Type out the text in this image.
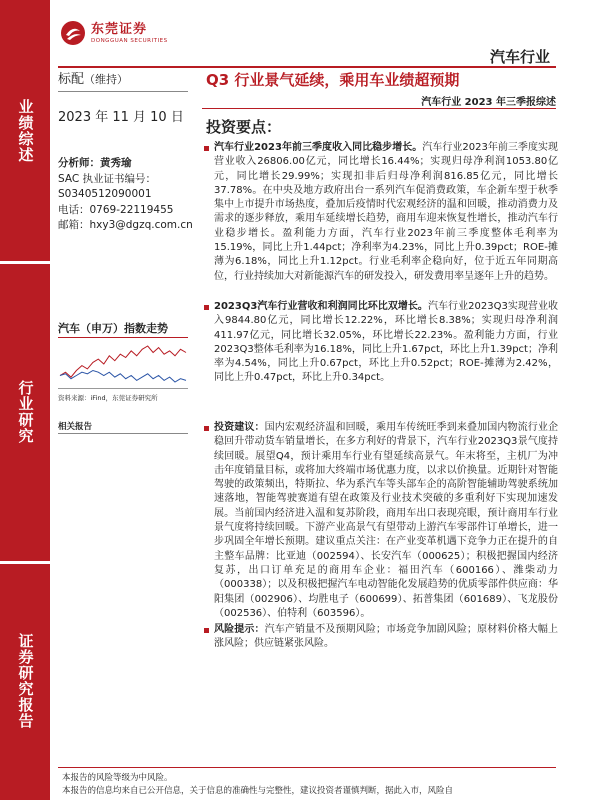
业绩综述
行业研究
证券研究报告
东莞证券
DONGGUAN SECURITIES
汽车行业
标配（维持）
2023 年 11 月 10 日
分析师：黄秀瑜
SAC 执业证书编号：
S0340512090001
电话：0769-22119455
邮箱：hxy3@dgzq.com.cn
汽车（申万）指数走势
资料来源：iFind，东莞证券研究所
相关报告
Q3 行业景气延续，乘用车业绩超预期
汽车行业 2023 年三季报综述
投资要点：
汽车行业2023年前三季度收入同比稳步增长。汽车行业2023年前三季度实现营业收入26806.00亿元，同比增长16.44%；实现归母净利润1053.80亿元，同比增长29.99%；实现扣非后归母净利润816.85亿元，同比增长37.78%。在中央及地方政府出台一系列汽车促消费政策，车企新车型于秋季集中上市提升市场热度，叠加后疫情时代宏观经济的温和回暖，推动消费力及需求的逐步释放，乘用车延续增长趋势，商用车迎来恢复性增长，推动汽车行业稳步增长。盈利能力方面，汽车行业2023年前三季度整体毛利率为15.19%，同比上升1.44pct；净利率为4.23%，同比上升0.39pct；ROE-摊薄为6.18%，同比上升1.12pct。行业毛利率企稳向好，位于近五年同期高位，行业持续加大对新能源汽车的研发投入，研发费用率呈逐年上升的趋势。
2023Q3汽车行业营收和利润同比环比双增长。汽车行业2023Q3实现营业收入9844.80亿元，同比增长12.22%，环比增长8.38%；实现归母净利润411.97亿元，同比增长32.05%，环比增长22.23%。盈利能力方面，行业2023Q3整体毛利率为16.18%，同比上升1.67pct，环比上升1.39pct；净利率为4.54%，同比上升0.67pct，环比上升0.52pct；ROE-摊薄为2.42%，同比上升0.47pct，环比上升0.34pct。
投资建议：国内宏观经济温和回暖，乘用车传统旺季到来叠加国内物流行业企稳回升带动货车销量增长，在多方利好的背景下，汽车行业2023Q3景气度持续回暖。展望Q4，预计乘用车行业有望延续高景气。年末将至，主机厂为冲击年度销量目标，或将加大终端市场优惠力度，以求以价换量。近期针对智能驾驶的政策频出，特斯拉、华为系汽车等头部车企的高阶智能辅助驾驶系统加速落地，智能驾驶赛道有望在政策及行业技术突破的多重利好下实现加速发展。当前国内经济进入温和复苏阶段，商用车出口表现亮眼，预计商用车行业景气度将持续回暖。下游产业高景气有望带动上游汽车零部件订单增长，进一步巩固全年增长预期。建议重点关注：在产业变革机遇下竞争力正在提升的自主整车品牌：比亚迪（002594）、长安汽车（000625）；积极把握国内经济复苏，出口订单充足的商用车企业：福田汽车（600166）、潍柴动力（000338）；以及积极把握汽车电动智能化发展趋势的优质零部件供应商：华阳集团（002906）、均胜电子（600699）、拓普集团（601689）、飞龙股份（002536）、伯特利（603596）。
风险提示：汽车产销量不及预期风险；市场竞争加剧风险；原材料价格大幅上涨风险；供应链紧张风险。
本报告的风险等级为中风险。
本报告的信息均来自已公开信息，关于信息的准确性与完整性，建议投资者谨慎判断，据此入市，风险自
